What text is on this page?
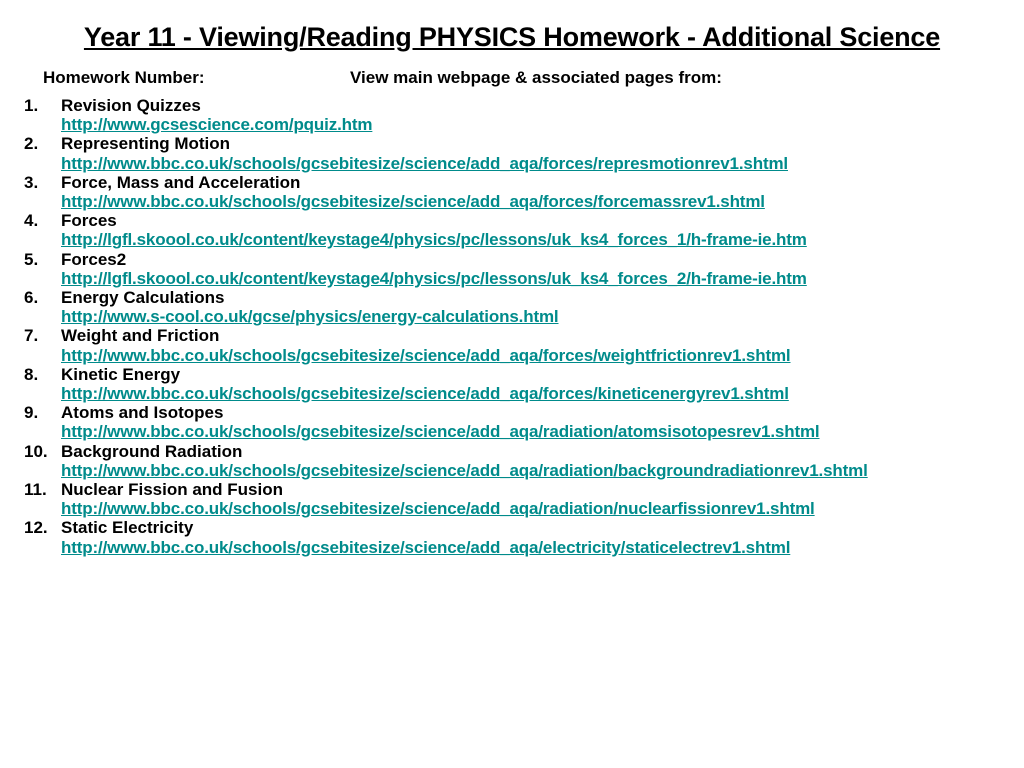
Year 11 - Viewing/Reading PHYSICS Homework - Additional Science
Homework Number:	View main webpage & associated pages from:
1. Revision Quizzes
http://www.gcsescience.com/pquiz.htm
2. Representing Motion
http://www.bbc.co.uk/schools/gcsebitesize/science/add_aqa/forces/represmotionrev1.shtml
3. Force, Mass and Acceleration
http://www.bbc.co.uk/schools/gcsebitesize/science/add_aqa/forces/forcemassrev1.shtml
4. Forces
http://lgfl.skoool.co.uk/content/keystage4/physics/pc/lessons/uk_ks4_forces_1/h-frame-ie.htm
5. Forces2
http://lgfl.skoool.co.uk/content/keystage4/physics/pc/lessons/uk_ks4_forces_2/h-frame-ie.htm
6. Energy Calculations
http://www.s-cool.co.uk/gcse/physics/energy-calculations.html
7. Weight and Friction
http://www.bbc.co.uk/schools/gcsebitesize/science/add_aqa/forces/weightfrictionrev1.shtml
8. Kinetic Energy
http://www.bbc.co.uk/schools/gcsebitesize/science/add_aqa/forces/kineticenergyrev1.shtml
9. Atoms and Isotopes
http://www.bbc.co.uk/schools/gcsebitesize/science/add_aqa/radiation/atomsisotopesrev1.shtml
10. Background Radiation
http://www.bbc.co.uk/schools/gcsebitesize/science/add_aqa/radiation/backgroundradiationrev1.shtml
11. Nuclear Fission and Fusion
http://www.bbc.co.uk/schools/gcsebitesize/science/add_aqa/radiation/nuclearfissionrev1.shtml
12. Static Electricity
http://www.bbc.co.uk/schools/gcsebitesize/science/add_aqa/electricity/staticelectrev1.shtml
